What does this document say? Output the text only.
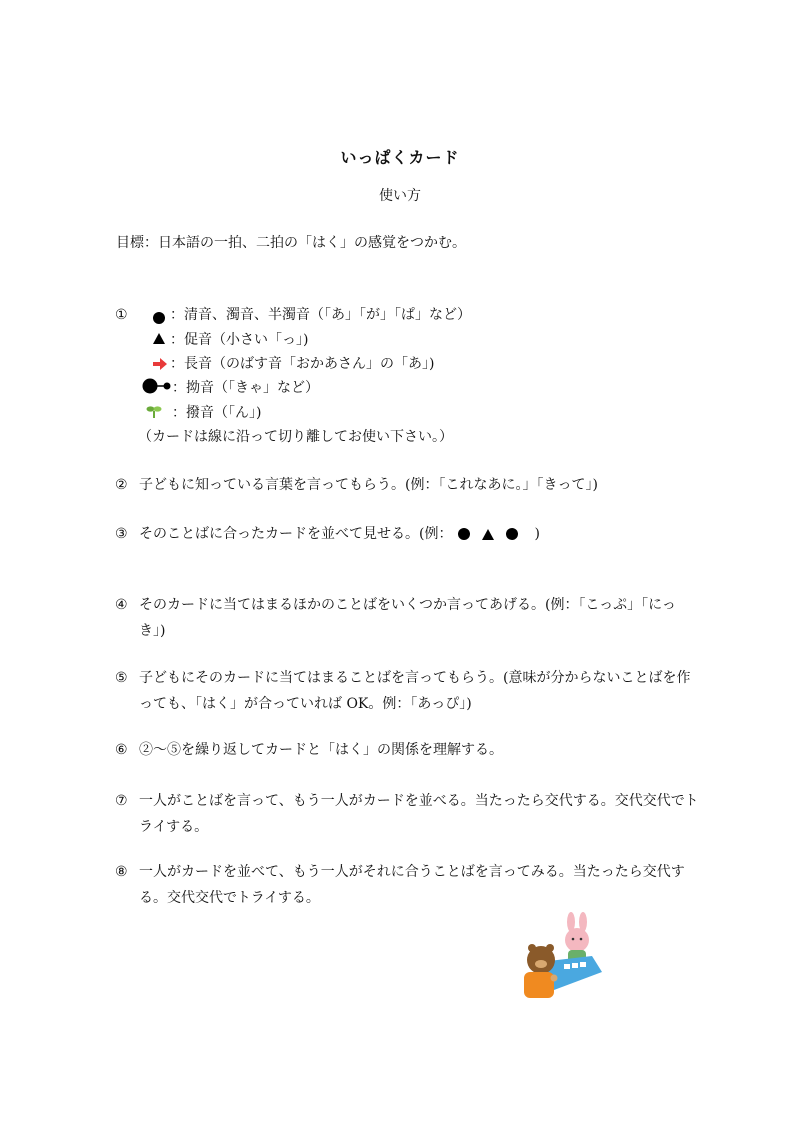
いっぱくカード
使い方
目標：日本語の一拍、二拍の「はく」の感覚をつかむ。
①	：清音、濁音、半濁音（「あ」「が」「ぱ」など）
：促音（小さい「っ」)
：長音（のばす音「おかあさん」の「あ」)
：拗音（「きゃ」など）
：撥音（「ん」)
（カードは線に沿って切り離してお使い下さい。）
② 子どもに知っている言葉を言ってもらう。(例：「これなあに。」「きって」)
③ そのことばに合ったカードを並べて見せる。(例：	)
④ そのカードに当てはまるほかのことばをいくつか言ってあげる。(例：「こっぷ」「にっき」)
⑤ 子どもにそのカードに当てはまることばを言ってもらう。(意味が分からないことばを作っても、「はく」が合っていれば OK。例：「あっぴ」)
⑥ ②〜⑤を繰り返してカードと「はく」の関係を理解する。
⑦ 一人がことばを言って、もう一人がカードを並べる。当たったら交代する。交代交代でトライする。
⑧ 一人がカードを並べて、もう一人がそれに合うことばを言ってみる。当たったら交代する。交代交代でトライする。
